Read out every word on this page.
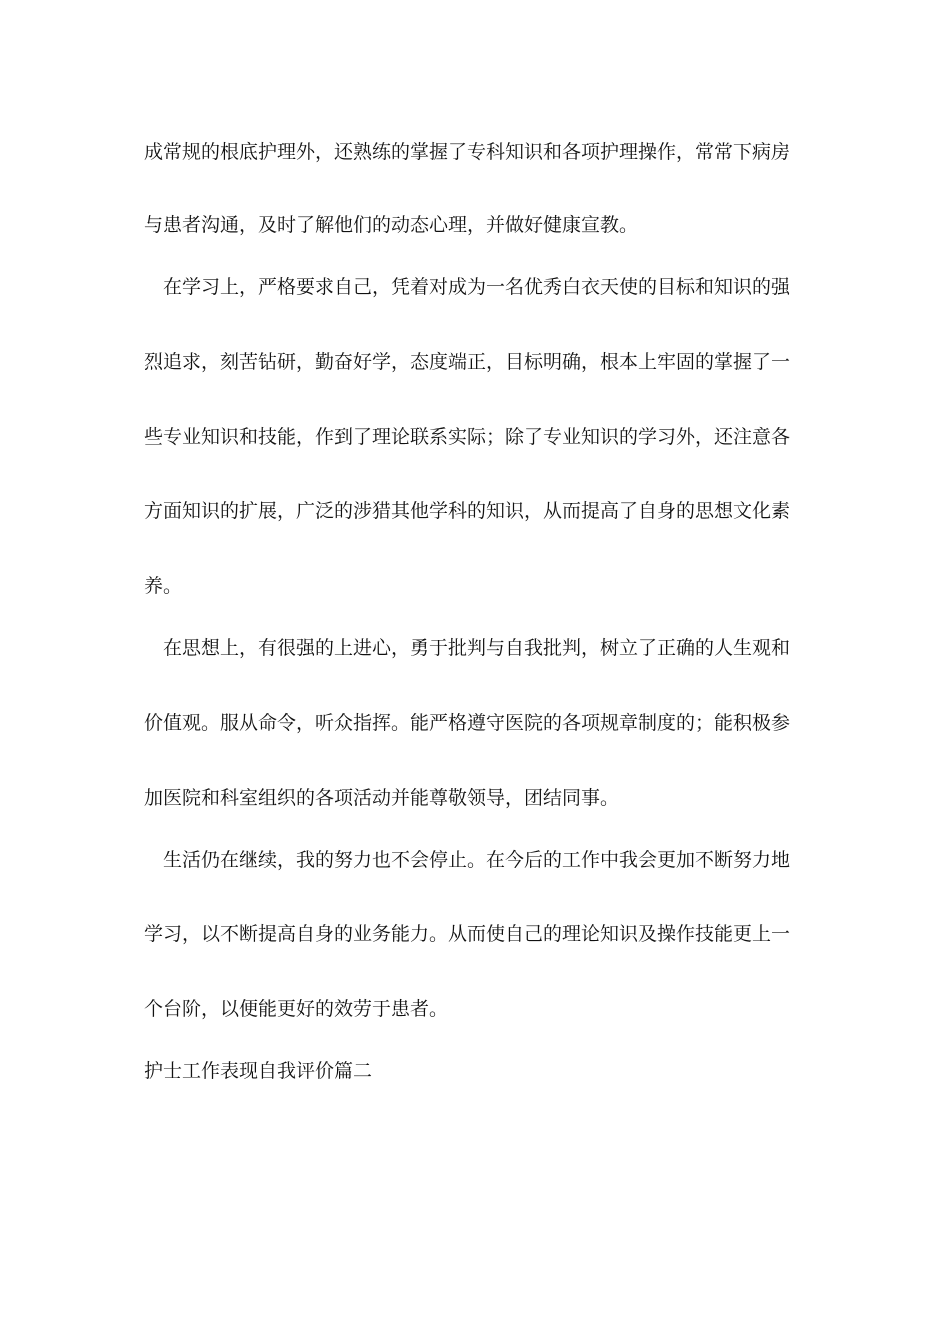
成常规的根底护理外，还熟练的掌握了专科知识和各项护理操作，常常下病房
与患者沟通，及时了解他们的动态心理，并做好健康宣教。
在学习上，严格要求自己，凭着对成为一名优秀白衣天使的目标和知识的强
烈追求，刻苦钻研，勤奋好学，态度端正，目标明确，根本上牢固的掌握了一
些专业知识和技能，作到了理论联系实际；除了专业知识的学习外，还注意各
方面知识的扩展，广泛的涉猎其他学科的知识，从而提高了自身的思想文化素
养。
在思想上，有很强的上进心，勇于批判与自我批判，树立了正确的人生观和
价值观。服从命令，听众指挥。能严格遵守医院的各项规章制度的；能积极参
加医院和科室组织的各项活动并能尊敬领导，团结同事。
生活仍在继续，我的努力也不会停止。在今后的工作中我会更加不断努力地
学习，以不断提高自身的业务能力。从而使自己的理论知识及操作技能更上一
个台阶，以便能更好的效劳于患者。
护士工作表现自我评价篇二
